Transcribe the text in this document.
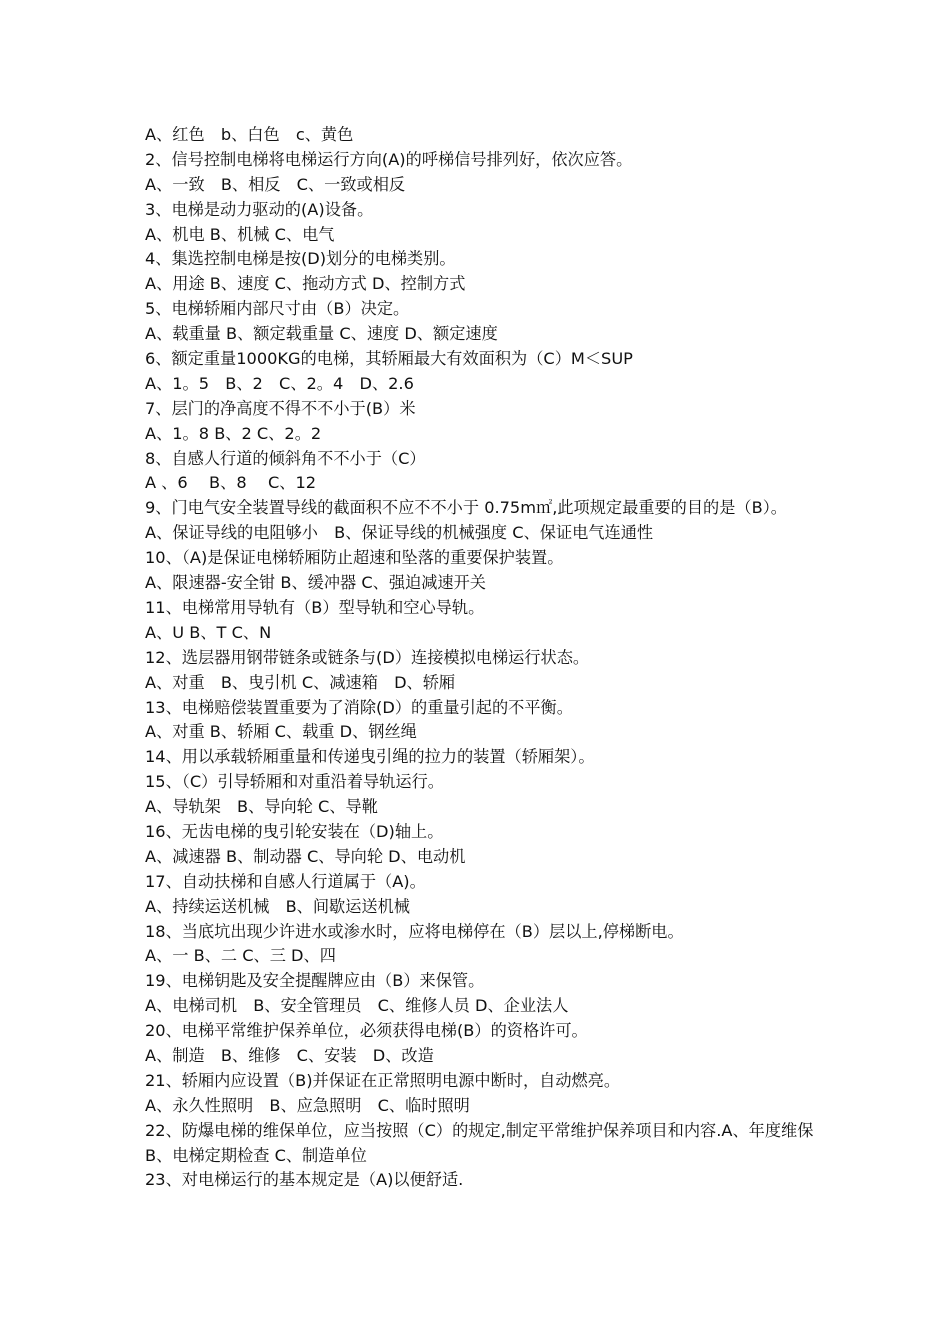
A、红色　b、白色　c、黄色
2、信号控制电梯将电梯运行方向(A)的呼梯信号排列好，依次应答。
A、一致　B、相反　C、一致或相反
3、电梯是动力驱动的(A)设备。
A、机电 B、机械 C、电气
4、集选控制电梯是按(D)划分的电梯类别。
A、用途 B、速度 C、拖动方式 D、控制方式
5、电梯轿厢内部尺寸由（B）决定。
A、载重量 B、额定载重量 C、速度 D、额定速度
6、额定重量1000KG的电梯，其轿厢最大有效面积为（C）M＜SUP
A、1。5　B、2　C、2。4　D、2.6
7、层门的净高度不得不不小于(B）米
A、1。8 B、2 C、2。2
8、自感人行道的倾斜角不不小于（C）
A 、6　 B、8　 C、12
9、门电气安全装置导线的截面积不应不不小于 0.75m㎡,此项规定最重要的目的是（B）。
A、保证导线的电阻够小　B、保证导线的机械强度 C、保证电气连通性
10、（A)是保证电梯轿厢防止超速和坠落的重要保护装置。
A、限速器-安全钳 B、缓冲器 C、强迫减速开关
11、电梯常用导轨有（B）型导轨和空心导轨。
A、U B、T C、N
12、选层器用钢带链条或链条与(D）连接模拟电梯运行状态。
A、对重　B、曳引机 C、减速箱　D、轿厢
13、电梯赔偿装置重要为了消除(D）的重量引起的不平衡。
A、对重 B、轿厢 C、载重 D、钢丝绳
14、用以承载轿厢重量和传递曳引绳的拉力的装置（轿厢架）。
15、（C）引导轿厢和对重沿着导轨运行。
A、导轨架　B、导向轮 C、导靴
16、无齿电梯的曳引轮安装在（D)轴上。
A、减速器 B、制动器 C、导向轮 D、电动机
17、自动扶梯和自感人行道属于（A)。
A、持续运送机械　B、间歇运送机械
18、当底坑出现少许进水或渗水时，应将电梯停在（B）层以上,停梯断电。
A、一 B、二 C、三 D、四
19、电梯钥匙及安全提醒牌应由（B）来保管。
A、电梯司机　B、安全管理员　C、维修人员 D、企业法人
20、电梯平常维护保养单位，必须获得电梯(B）的资格许可。
A、制造　B、维修　C、安装　D、改造
21、轿厢内应设置（B)并保证在正常照明电源中断时，自动燃亮。
A、永久性照明　B、应急照明　C、临时照明
22、防爆电梯的维保单位，应当按照（C）的规定,制定平常维护保养项目和内容.A、年度维保 B、电梯定期检查 C、制造单位
23、对电梯运行的基本规定是（A)以便舒适.
